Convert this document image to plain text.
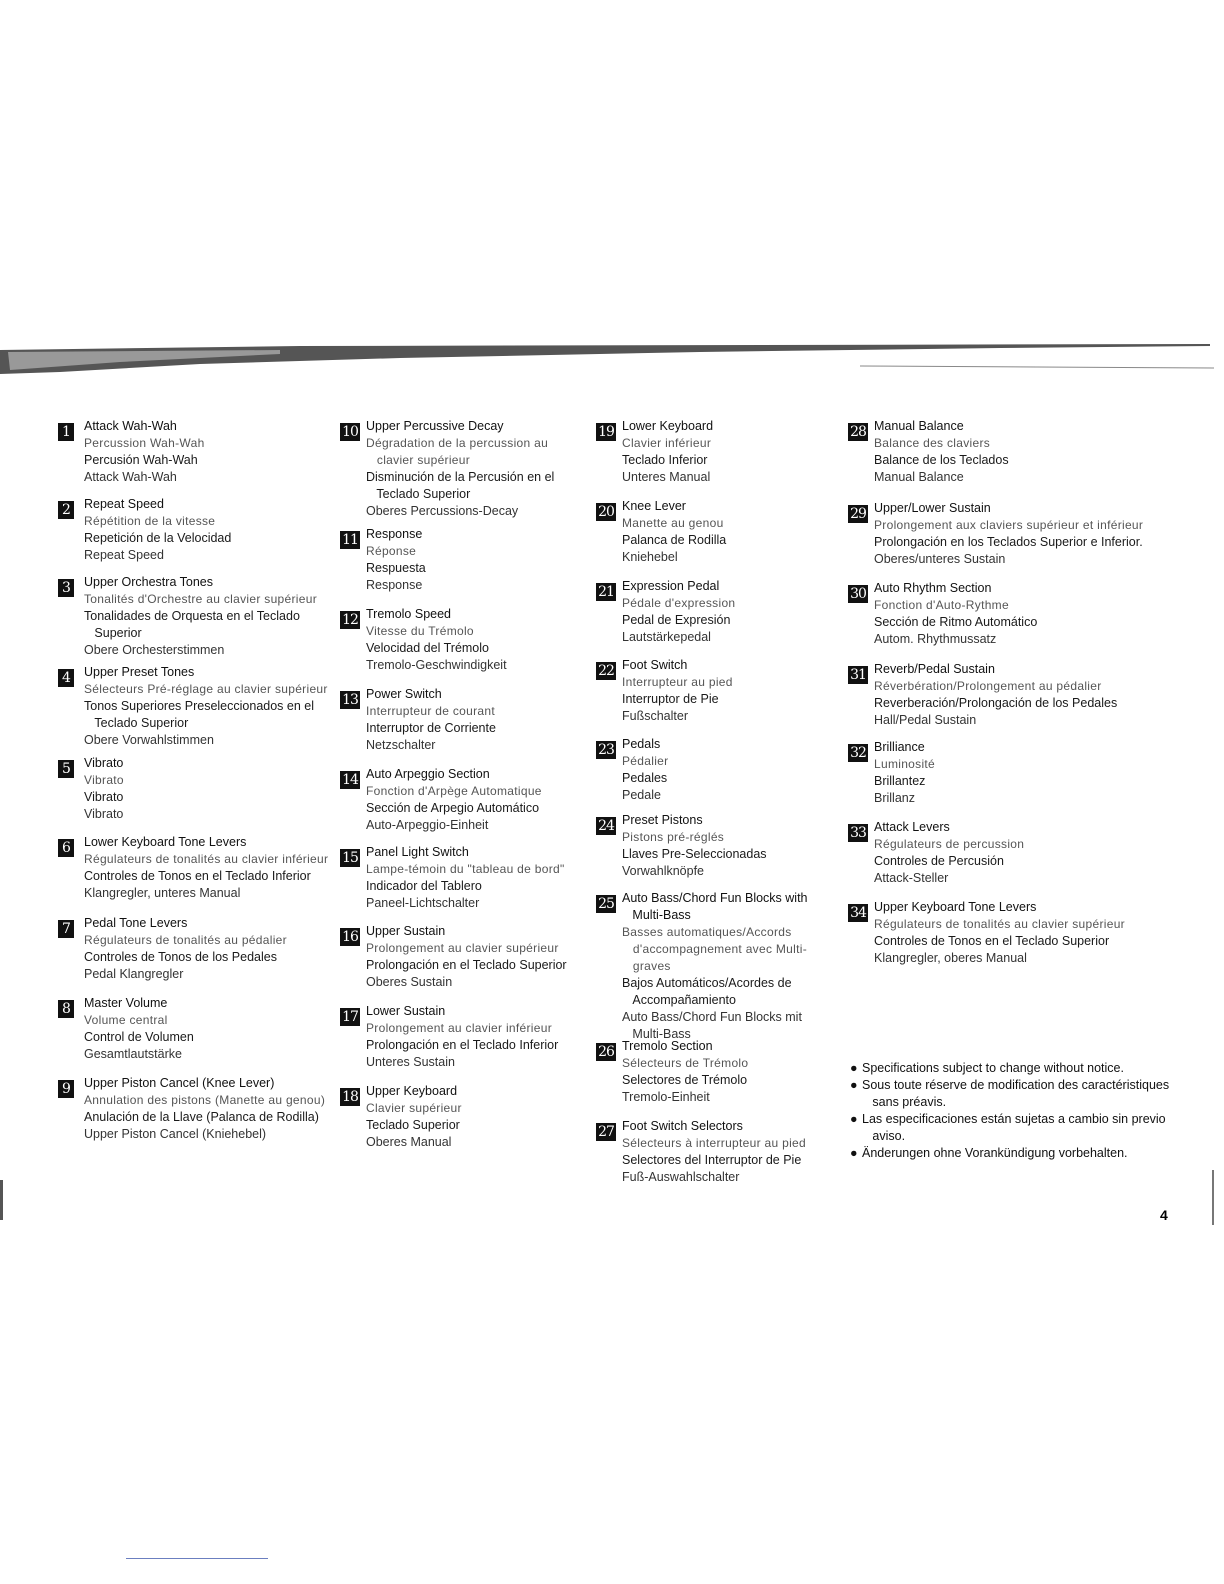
1	Attack Wah-Wah
Percussion Wah-Wah
Percusión Wah-Wah
Attack Wah-Wah
2	Repeat Speed
Répétition de la vitesse
Repetición de la Velocidad
Repeat Speed
3	Upper Orchestra Tones
Tonalités d'Orchestre au clavier supérieur
Tonalidades de Orquesta en el Teclado
Superior
Obere Orchesterstimmen
4	Upper Preset Tones
Sélecteurs Pré-réglage au clavier supérieur
Tonos Superiores Preseleccionados en el
Teclado Superior
Obere Vorwahlstimmen
5	Vibrato
Vibrato
Vibrato
Vibrato
6	Lower Keyboard Tone Levers
Régulateurs de tonalités au clavier inférieur
Controles de Tonos en el Teclado Inferior
Klangregler, unteres Manual
7	Pedal Tone Levers
Régulateurs de tonalités au pédalier
Controles de Tonos de los Pedales
Pedal Klangregler
8	Master Volume
Volume central
Control de Volumen
Gesamtlautstärke
9	Upper Piston Cancel (Knee Lever)
Annulation des pistons (Manette au genou)
Anulación de la Llave (Palanca de Rodilla)
Upper Piston Cancel (Kniehebel)
10 Upper Percussive Decay
Dégradation de la percussion au
clavier supérieur
Disminución de la Percusión en el
Teclado Superior
Oberes Percussions-Decay
11 Response
Réponse
Respuesta
Response
12 Tremolo Speed
Vitesse du Trémolo
Velocidad del Trémolo
Tremolo-Geschwindigkeit
13 Power Switch
Interrupteur de courant
Interruptor de Corriente
Netzschalter
14 Auto Arpeggio Section
Fonction d'Arpège Automatique
Sección de Arpegio Automático
Auto-Arpeggio-Einheit
15 Panel Light Switch
Lampe-témoin du "tableau de bord"
Indicador del Tablero
Paneel-Lichtschalter
16 Upper Sustain
Prolongement au clavier supérieur
Prolongación en el Teclado Superior
Oberes Sustain
17 Lower Sustain
Prolongement au clavier inférieur
Prolongación en el Teclado Inferior
Unteres Sustain
18 Upper Keyboard
Clavier supérieur
Teclado Superior
Oberes Manual
19 Lower Keyboard
Clavier inférieur
Teclado Inferior
Unteres Manual
20 Knee Lever
Manette au genou
Palanca de Rodilla
Kniehebel
21 Expression Pedal
Pédale d'expression
Pedal de Expresión
Lautstärkepedal
22 Foot Switch
Interrupteur au pied
Interruptor de Pie
Fußschalter
23 Pedals
Pédalier
Pedales
Pedale
24 Preset Pistons
Pistons pré-réglés
Llaves Pre-Seleccionadas
Vorwahlknöpfe
25 Auto Bass/Chord Fun Blocks with
Multi-Bass
Basses automatiques/Accords
d'accompagnement avec Multi-
graves
Bajos Automáticos/Acordes de
Accompañamiento
Auto Bass/Chord Fun Blocks mit
Multi-Bass
26 Tremolo Section
Sélecteurs de Trémolo
Selectores de Trémolo
Tremolo-Einheit
27 Foot Switch Selectors
Sélecteurs à interrupteur au pied
Selectores del Interruptor de Pie
Fuß-Auswahlschalter
28 Manual Balance
Balance des claviers
Balance de los Teclados
Manual Balance
29 Upper/Lower Sustain
Prolongement aux claviers supérieur et inférieur
Prolongación en los Teclados Superior e Inferior.
Oberes/unteres Sustain
30 Auto Rhythm Section
Fonction d'Auto-Rythme
Sección de Ritmo Automático
Autom. Rhythmussatz
31 Reverb/Pedal Sustain
Réverbération/Prolongement au pédalier
Reverberación/Prolongación de los Pedales
Hall/Pedal Sustain
32 Brilliance
Luminosité
Brillantez
Brillanz
33 Attack Levers
Régulateurs de percussion
Controles de Percusión
Attack-Steller
34 Upper Keyboard Tone Levers
Régulateurs de tonalités au clavier supérieur
Controles de Tonos en el Teclado Superior
Klangregler, oberes Manual
● Specifications subject to change without notice.
● Sous toute réserve de modification des caractéristiques
sans préavis.
● Las especificaciones están sujetas a cambio sin previo
aviso.
● Änderungen ohne Vorankündigung vorbehalten.
4
